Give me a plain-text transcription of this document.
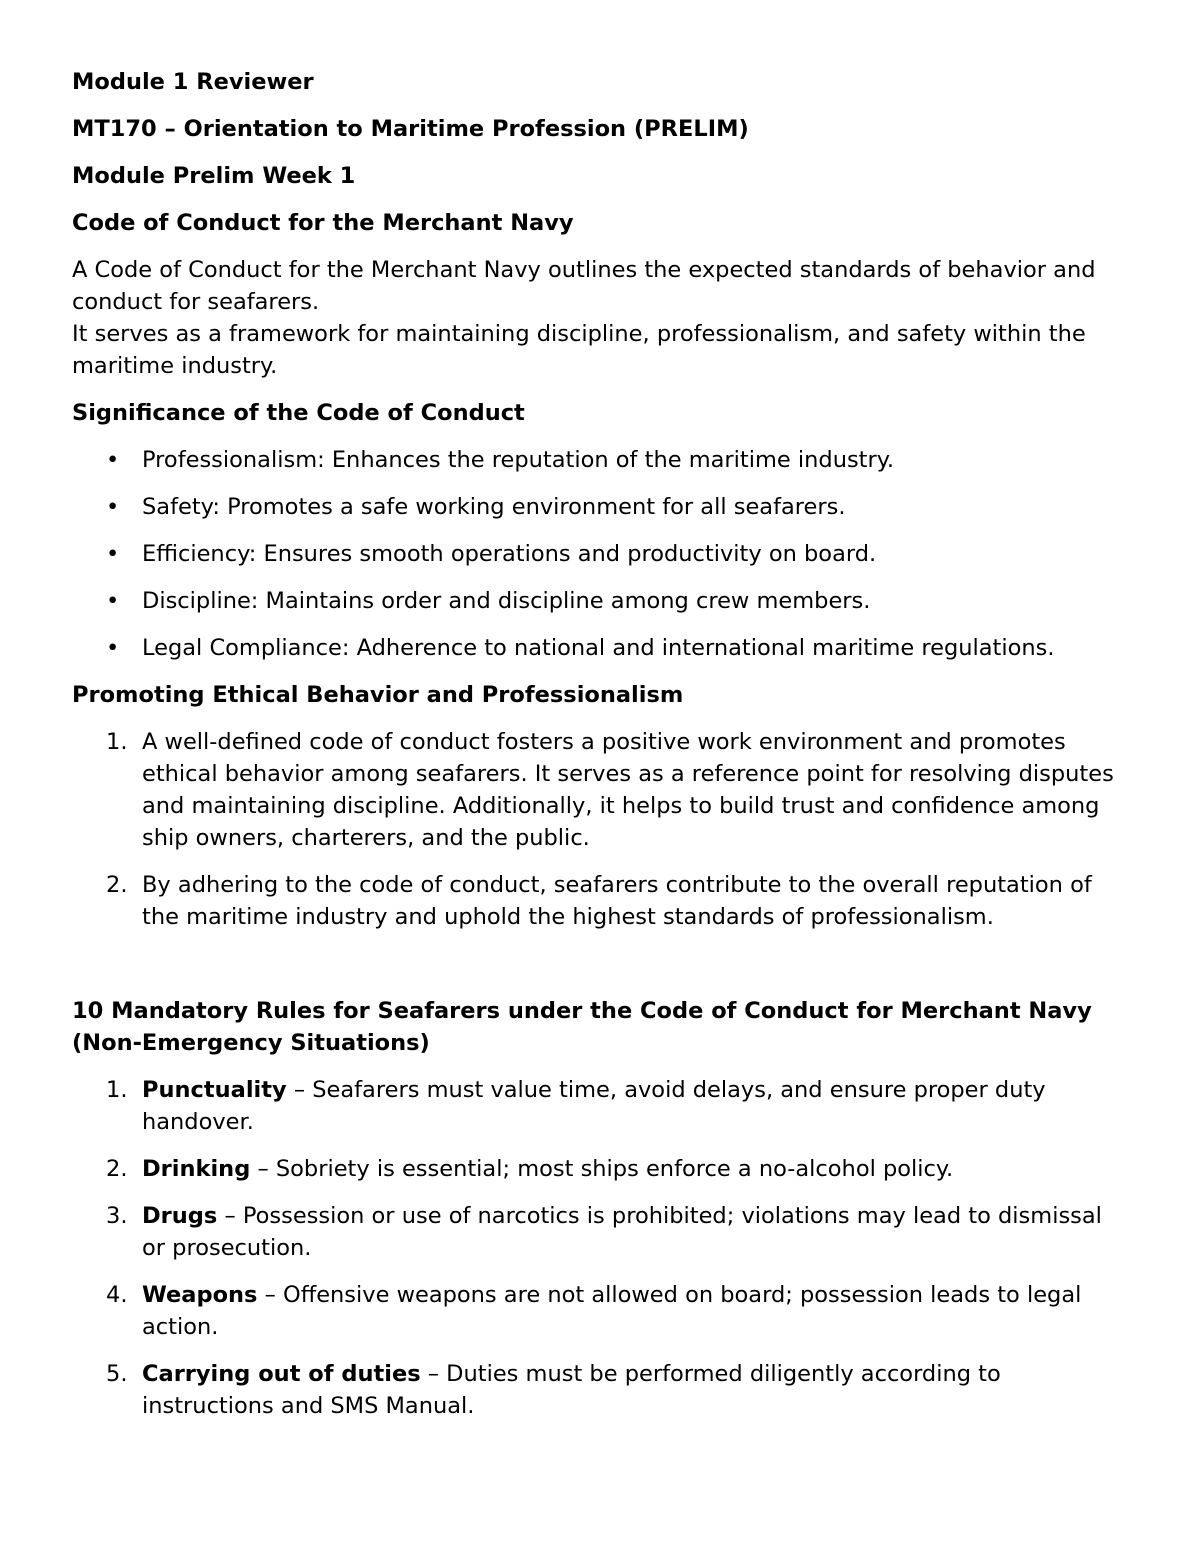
Module 1 Reviewer
MT170 – Orientation to Maritime Profession (PRELIM)
Module Prelim Week 1
Code of Conduct for the Merchant Navy
A Code of Conduct for the Merchant Navy outlines the expected standards of behavior and conduct for seafarers.
It serves as a framework for maintaining discipline, professionalism, and safety within the maritime industry.
Significance of the Code of Conduct
• Professionalism: Enhances the reputation of the maritime industry.
• Safety: Promotes a safe working environment for all seafarers.
• Efficiency: Ensures smooth operations and productivity on board.
• Discipline: Maintains order and discipline among crew members.
• Legal Compliance: Adherence to national and international maritime regulations.
Promoting Ethical Behavior and Professionalism
1. A well-defined code of conduct fosters a positive work environment and promotes ethical behavior among seafarers. It serves as a reference point for resolving disputes and maintaining discipline. Additionally, it helps to build trust and confidence among ship owners, charterers, and the public.
2. By adhering to the code of conduct, seafarers contribute to the overall reputation of the maritime industry and uphold the highest standards of professionalism.
10 Mandatory Rules for Seafarers under the Code of Conduct for Merchant Navy (Non-Emergency Situations)
1. Punctuality – Seafarers must value time, avoid delays, and ensure proper duty handover.
2. Drinking – Sobriety is essential; most ships enforce a no-alcohol policy.
3. Drugs – Possession or use of narcotics is prohibited; violations may lead to dismissal or prosecution.
4. Weapons – Offensive weapons are not allowed on board; possession leads to legal action.
5. Carrying out of duties – Duties must be performed diligently according to instructions and SMS Manual.
